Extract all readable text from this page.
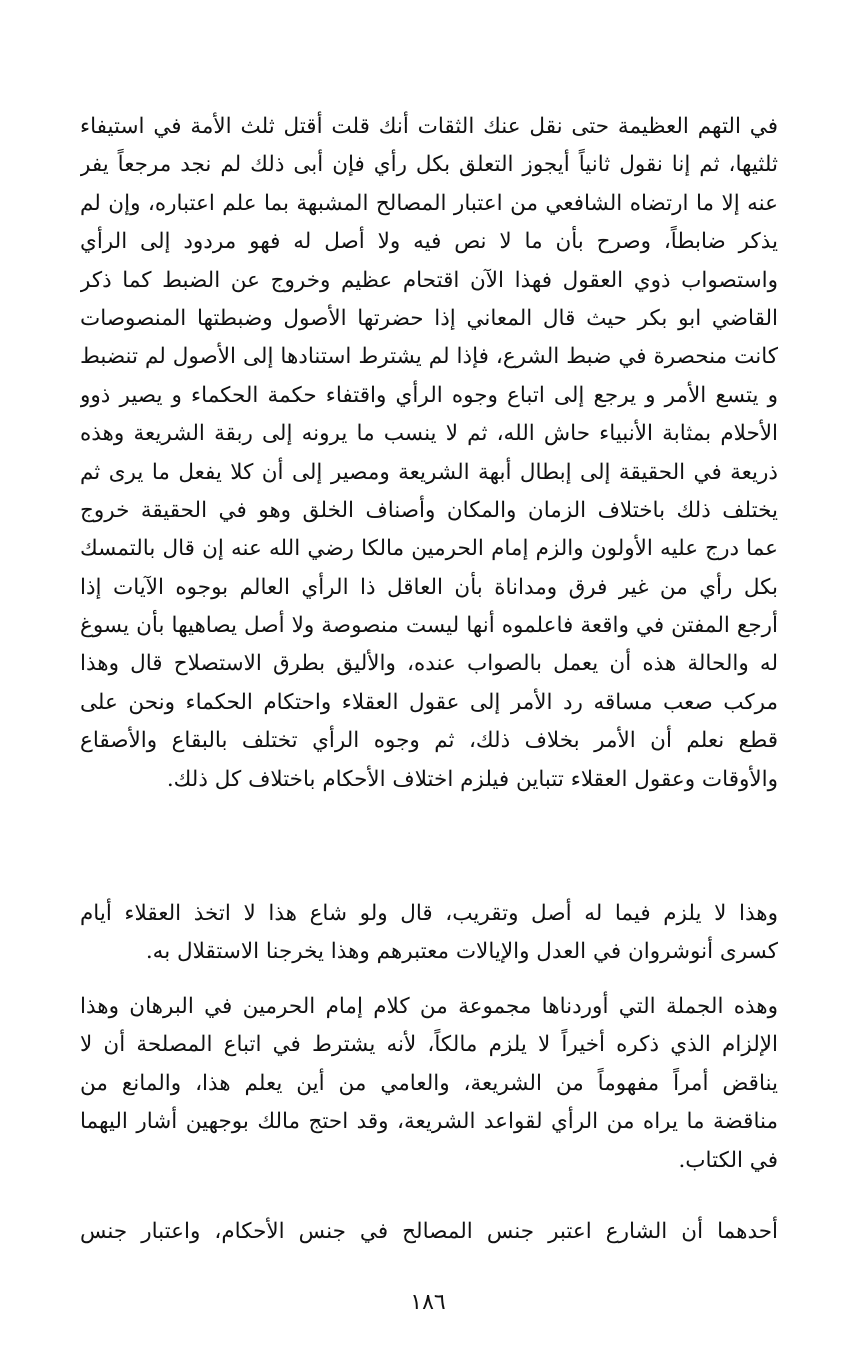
في التهم العظيمة حتى نقل عنك الثقات أنك قلت أقتل ثلث الأمة في استيفاء
ثلثيها، ثم إنا نقول ثانياً أيجوز التعلق بكل رأي فإن أبى ذلك لم نجد مرجعاً يفر
عنه إلا ما ارتضاه الشافعي من اعتبار المصالح المشبهة بما علم اعتباره، وإن لم
يذكر ضابطاً، وصرح بأن ما لا نص فيه ولا أصل له فهو مردود إلى الرأي
واستصواب ذوي العقول فهذا الآن اقتحام عظيم وخروج عن الضبط كما ذكر
القاضي ابو بكر حيث قال المعاني إذا حضرتها الأصول وضبطتها المنصوصات
كانت منحصرة في ضبط الشرع، فإذا لم يشترط استنادها إلى الأصول لم تنضبط
و يتسع الأمر و يرجع إلى اتباع وجوه الرأي واقتفاء حكمة الحكماء و يصير ذوو
الأحلام بمثابة الأنبياء حاش الله، ثم لا ينسب ما يرونه إلى ربقة الشريعة وهذه
ذريعة في الحقيقة إلى إبطال أبهة الشريعة ومصير إلى أن كلا يفعل ما يرى ثم
يختلف ذلك باختلاف الزمان والمكان وأصناف الخلق وهو في الحقيقة خروج
عما درج عليه الأولون والزم إمام الحرمين مالكا رضي الله عنه إن قال بالتمسك
بكل رأي من غير فرق ومداناة بأن العاقل ذا الرأي العالم بوجوه الآيات إذا
أرجع المفتن في واقعة فاعلموه أنها ليست منصوصة ولا أصل يصاهيها بأن يسوغ
له والحالة هذه أن يعمل بالصواب عنده، والأليق بطرق الاستصلاح قال وهذا
مركب صعب مساقه رد الأمر إلى عقول العقلاء واحتكام الحكماء ونحن على
قطع نعلم أن الأمر بخلاف ذلك، ثم وجوه الرأي تختلف بالبقاع والأصقاع
والأوقات وعقول العقلاء تتباين فيلزم اختلاف الأحكام باختلاف كل ذلك.
وهذا لا يلزم فيما له أصل وتقريب، قال ولو شاع هذا لا اتخذ العقلاء أيام
كسرى أنوشروان في العدل والإيالات معتبرهم وهذا يخرجنا الاستقلال به.
وهذه الجملة التي أوردناها مجموعة من كلام إمام الحرمين في البرهان وهذا
الإلزام الذي ذكره أخيراً لا يلزم مالكاً، لأنه يشترط في اتباع المصلحة أن لا
يناقض أمراً مفهوماً من الشريعة، والعامي من أين يعلم هذا، والمانع من
مناقضة ما يراه من الرأي لقواعد الشريعة، وقد احتج مالك بوجهين أشار اليهما
في الكتاب.
أحدهما أن الشارع اعتبر جنس المصالح في جنس الأحكام، واعتبار جنس
١٨٦
